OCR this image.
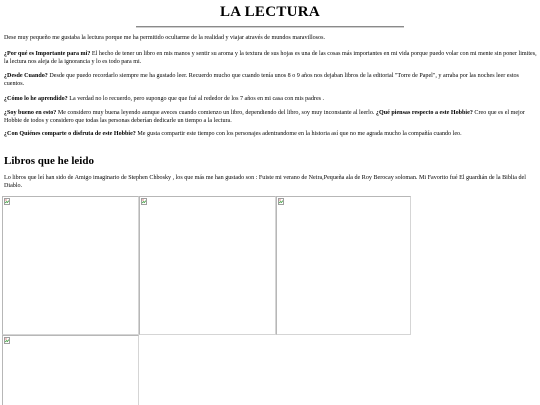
LA LECTURA

Dese muy pequeño me gustaba la lectura porque me ha permitido ocultarme de la realidad y viajar através de mundos maravillosos.

¿Por qué es Importante para mi? El hecho de tener un libro en mis manos y sentir su aroma y la textura de sus hojas es una de las cosas más importantes en mi vida porque puedo volar con mi mente sin poner limites, la lectura nos aleja de la ignorancia y lo es todo para mi.

¿Desde Cuando? Desde que puedo recordarlo siempre me ha gustado leer. Recuerdo mucho que cuando tenía unos 8 o 9 años nos dejaban libros de la editorial "Torre de Papel", y arraba por las noches leer estos cuentos.

¿Cómo lo he aprendido? La verdad no lo recuerdo, pero supongo que que fué al rededor de los 7 años en mi casa con mis padres .

¿Soy bueno en esto? Me considero muy buena leyendo aunque aveces cuando comienzo un libro, dependiendo del libro, soy muy inconstante al leerlo. ¿Qué piensas respecto a este Hobbie? Creo que es el mejor Hobbie de todos y considero que todas las personas deberían dedicarle un tiempo a la lectura.

¿Con Quiénes comparte o disfruta de este Hobbie? Me gusta compartir este tiempo con los personajes adentrandome en la historia así que no me agrada mucho la compañía cuando leo.

Libros que he leido

Lo libros que leí han sido de Amigo imaginario de Stephen Chbosky , los que más me han gustado son : Fuiste mi verano de Neira,Pequeña ala de Roy Berocay soloman. Mi Favorito fué El guardián de la Biblia del Diablo.
